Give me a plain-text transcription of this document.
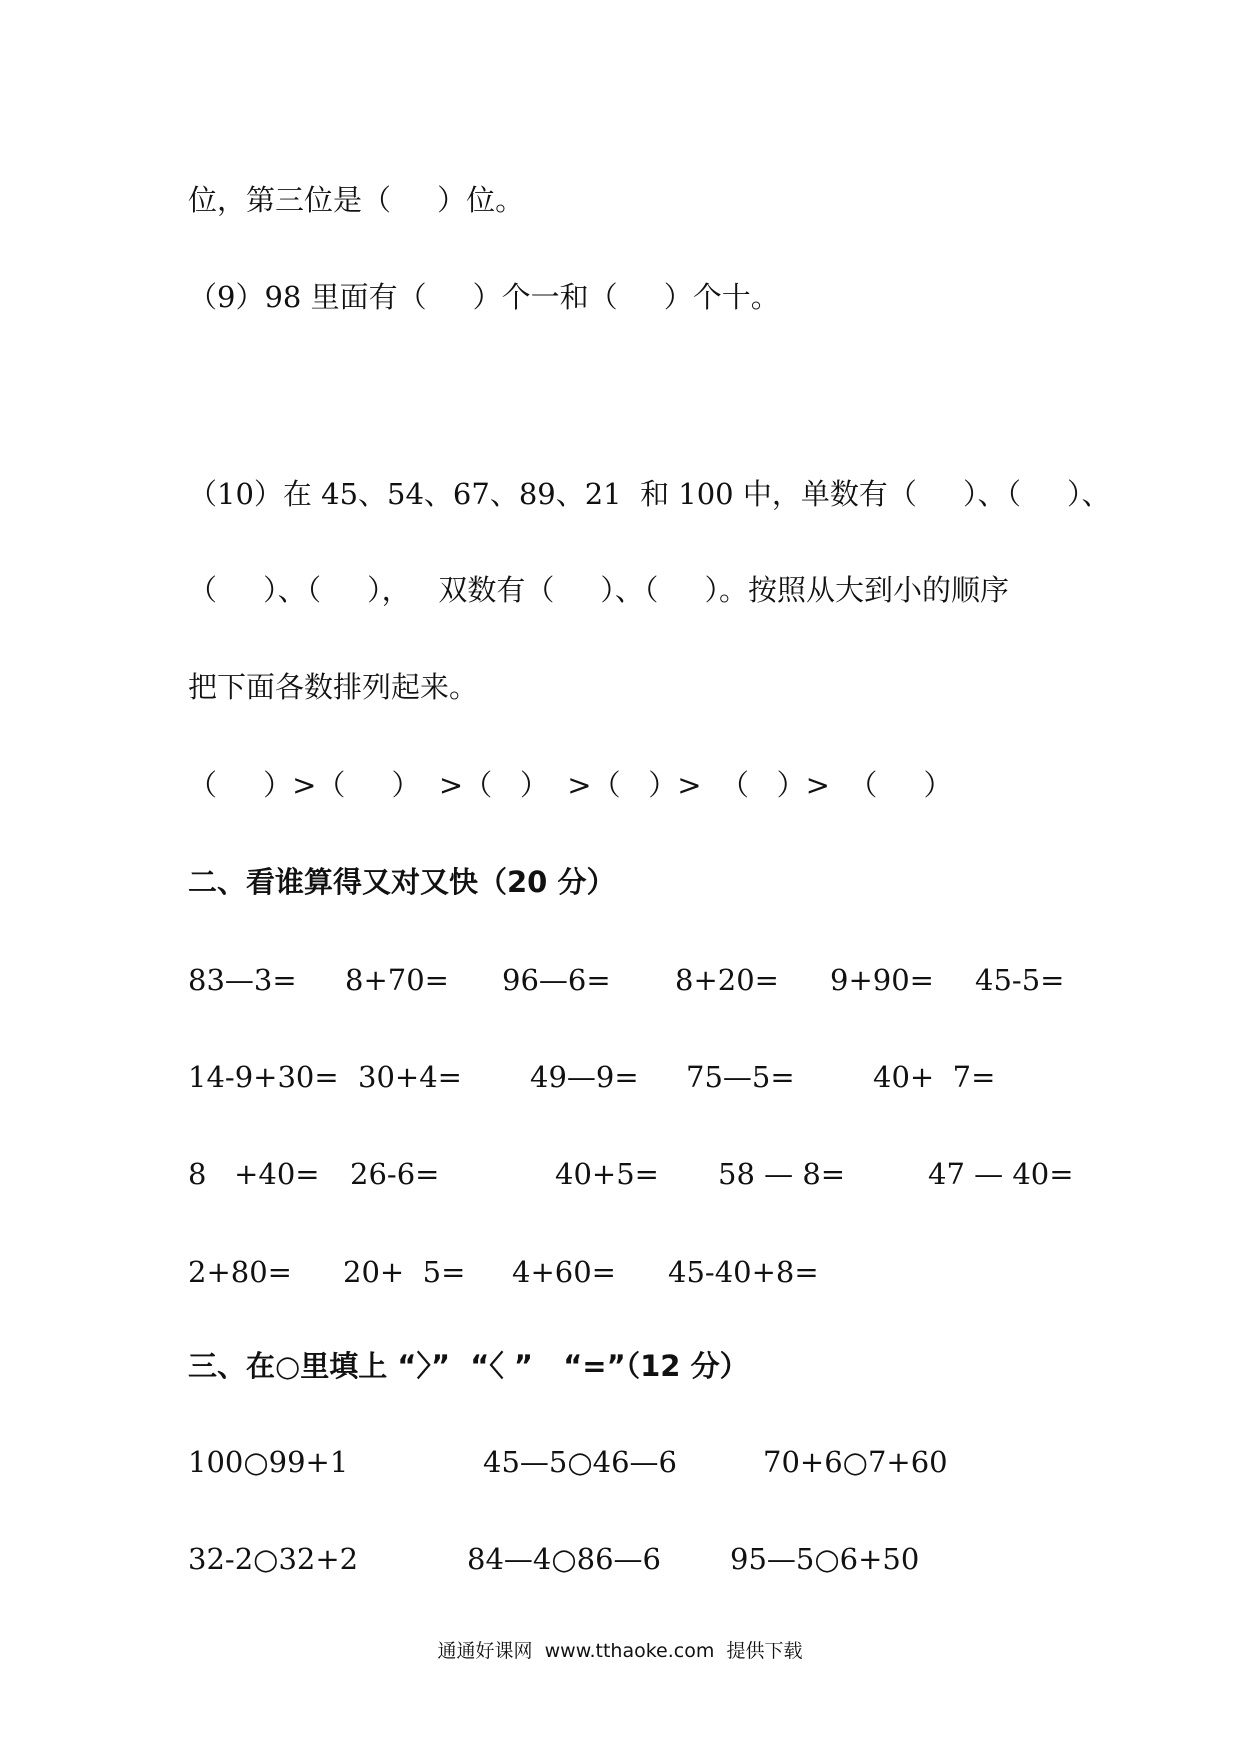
位，第三位是（     ）位。
（9）98 里面有（     ）个一和（     ）个十。
（10）在 45、54、67、89、21  和 100 中，单数有（     ）、（     ）、
（     ）、（     ），   双数有（     ）、（     ）。按照从大到小的顺序
把下面各数排列起来。
（     ）>（     ）  >（   ）  >（   ）>  （   ）>  （     ）
二、看谁算得又对又快（20 分）
83—3= 8+70= 96—6= 8+20= 9+90= 45-5=
14-9+30= 30+4= 49—9= 75—5=	40+  7=
8   +40= 26-6=	40+5= 58 — 8=	47 — 40=
2+80= 20+  5= 4+60= 45-40+8=
三、在○里填上 “〉”  “〈 ”   “=”（12 分）
100○99+1	45—5○46—6	70+6○7+60
32-2○32+2	84—4○86—6 95—5○6+50
通通好课网  www.tthaoke.com  提供下载
